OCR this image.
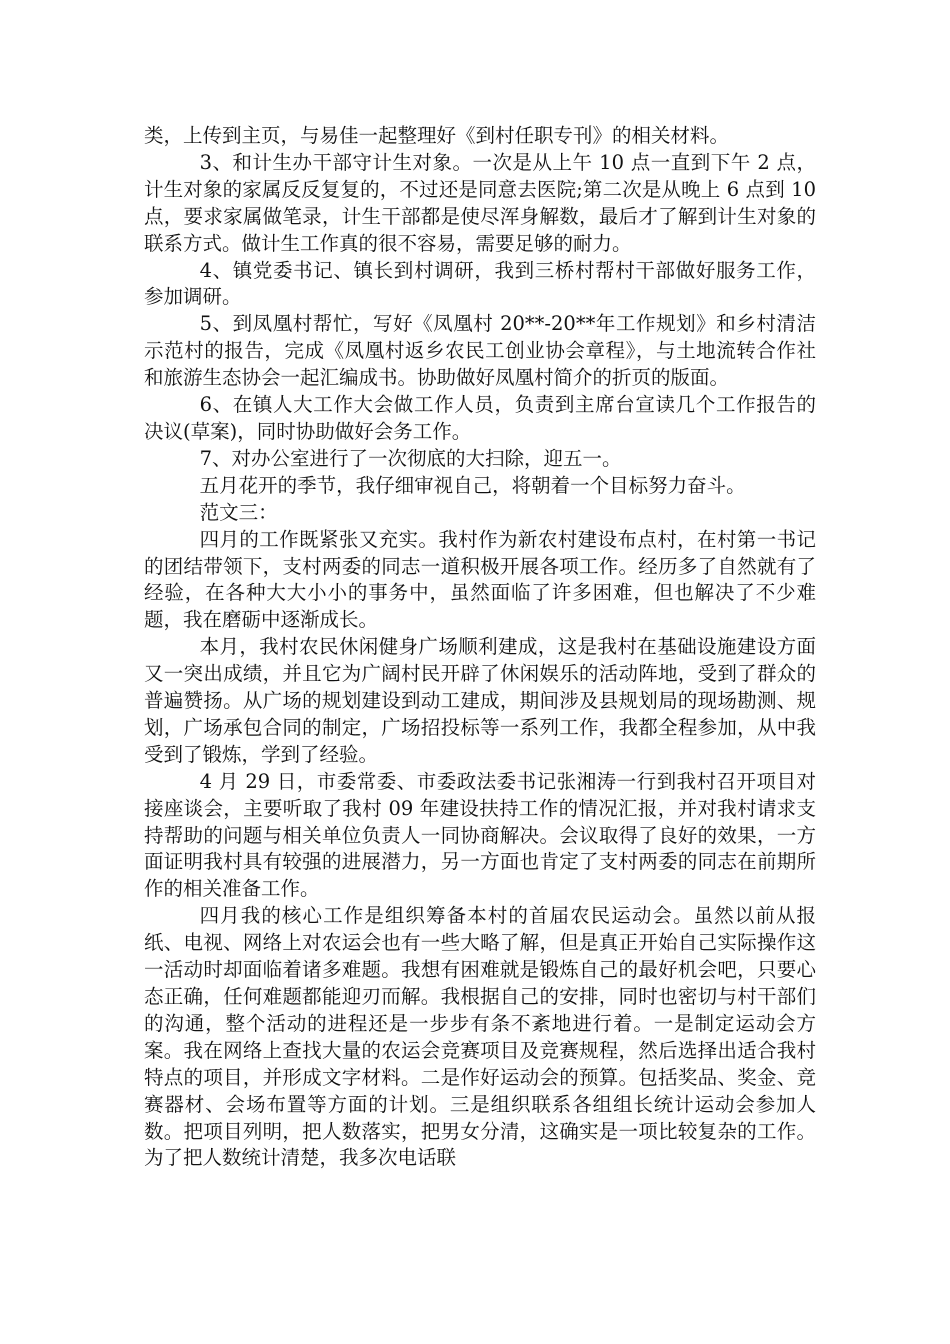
类，上传到主页，与易佳一起整理好《到村任职专刊》的相关材料。

3、和计生办干部守计生对象。一次是从上午 10 点一直到下午 2 点，计生对象的家属反反复复的，不过还是同意去医院;第二次是从晚上 6 点到 10 点，要求家属做笔录，计生干部都是使尽浑身解数，最后才了解到计生对象的联系方式。做计生工作真的很不容易，需要足够的耐力。

4、镇党委书记、镇长到村调研，我到三桥村帮村干部做好服务工作，参加调研。

5、到凤凰村帮忙，写好《凤凰村 20**-20**年工作规划》和乡村清洁示范村的报告，完成《凤凰村返乡农民工创业协会章程》，与土地流转合作社和旅游生态协会一起汇编成书。协助做好凤凰村简介的折页的版面。

6、在镇人大工作大会做工作人员，负责到主席台宣读几个工作报告的决议(草案)，同时协助做好会务工作。

7、对办公室进行了一次彻底的大扫除，迎五一。

五月花开的季节，我仔细审视自己，将朝着一个目标努力奋斗。

范文三：

四月的工作既紧张又充实。我村作为新农村建设布点村，在村第一书记的团结带领下，支村两委的同志一道积极开展各项工作。经历多了自然就有了经验，在各种大大小小的事务中，虽然面临了许多困难，但也解决了不少难题，我在磨砺中逐渐成长。

本月，我村农民休闲健身广场顺利建成，这是我村在基础设施建设方面又一突出成绩，并且它为广阔村民开辟了休闲娱乐的活动阵地，受到了群众的普遍赞扬。从广场的规划建设到动工建成，期间涉及县规划局的现场勘测、规划，广场承包合同的制定，广场招投标等一系列工作，我都全程参加，从中我受到了锻炼，学到了经验。

4 月 29 日，市委常委、市委政法委书记张湘涛一行到我村召开项目对接座谈会，主要听取了我村 09 年建设扶持工作的情况汇报，并对我村请求支持帮助的问题与相关单位负责人一同协商解决。会议取得了良好的效果，一方面证明我村具有较强的进展潜力，另一方面也肯定了支村两委的同志在前期所作的相关准备工作。

四月我的核心工作是组织筹备本村的首届农民运动会。虽然以前从报纸、电视、网络上对农运会也有一些大略了解，但是真正开始自己实际操作这一活动时却面临着诸多难题。我想有困难就是锻炼自己的最好机会吧，只要心态正确，任何难题都能迎刃而解。我根据自己的安排，同时也密切与村干部们的沟通，整个活动的进程还是一步步有条不紊地进行着。一是制定运动会方案。我在网络上查找大量的农运会竞赛项目及竞赛规程，然后选择出适合我村特点的项目，并形成文字材料。二是作好运动会的预算。包括奖品、奖金、竞赛器材、会场布置等方面的计划。三是组织联系各组组长统计运动会参加人数。把项目列明，把人数落实，把男女分清，这确实是一项比较复杂的工作。为了把人数统计清楚，我多次电话联
